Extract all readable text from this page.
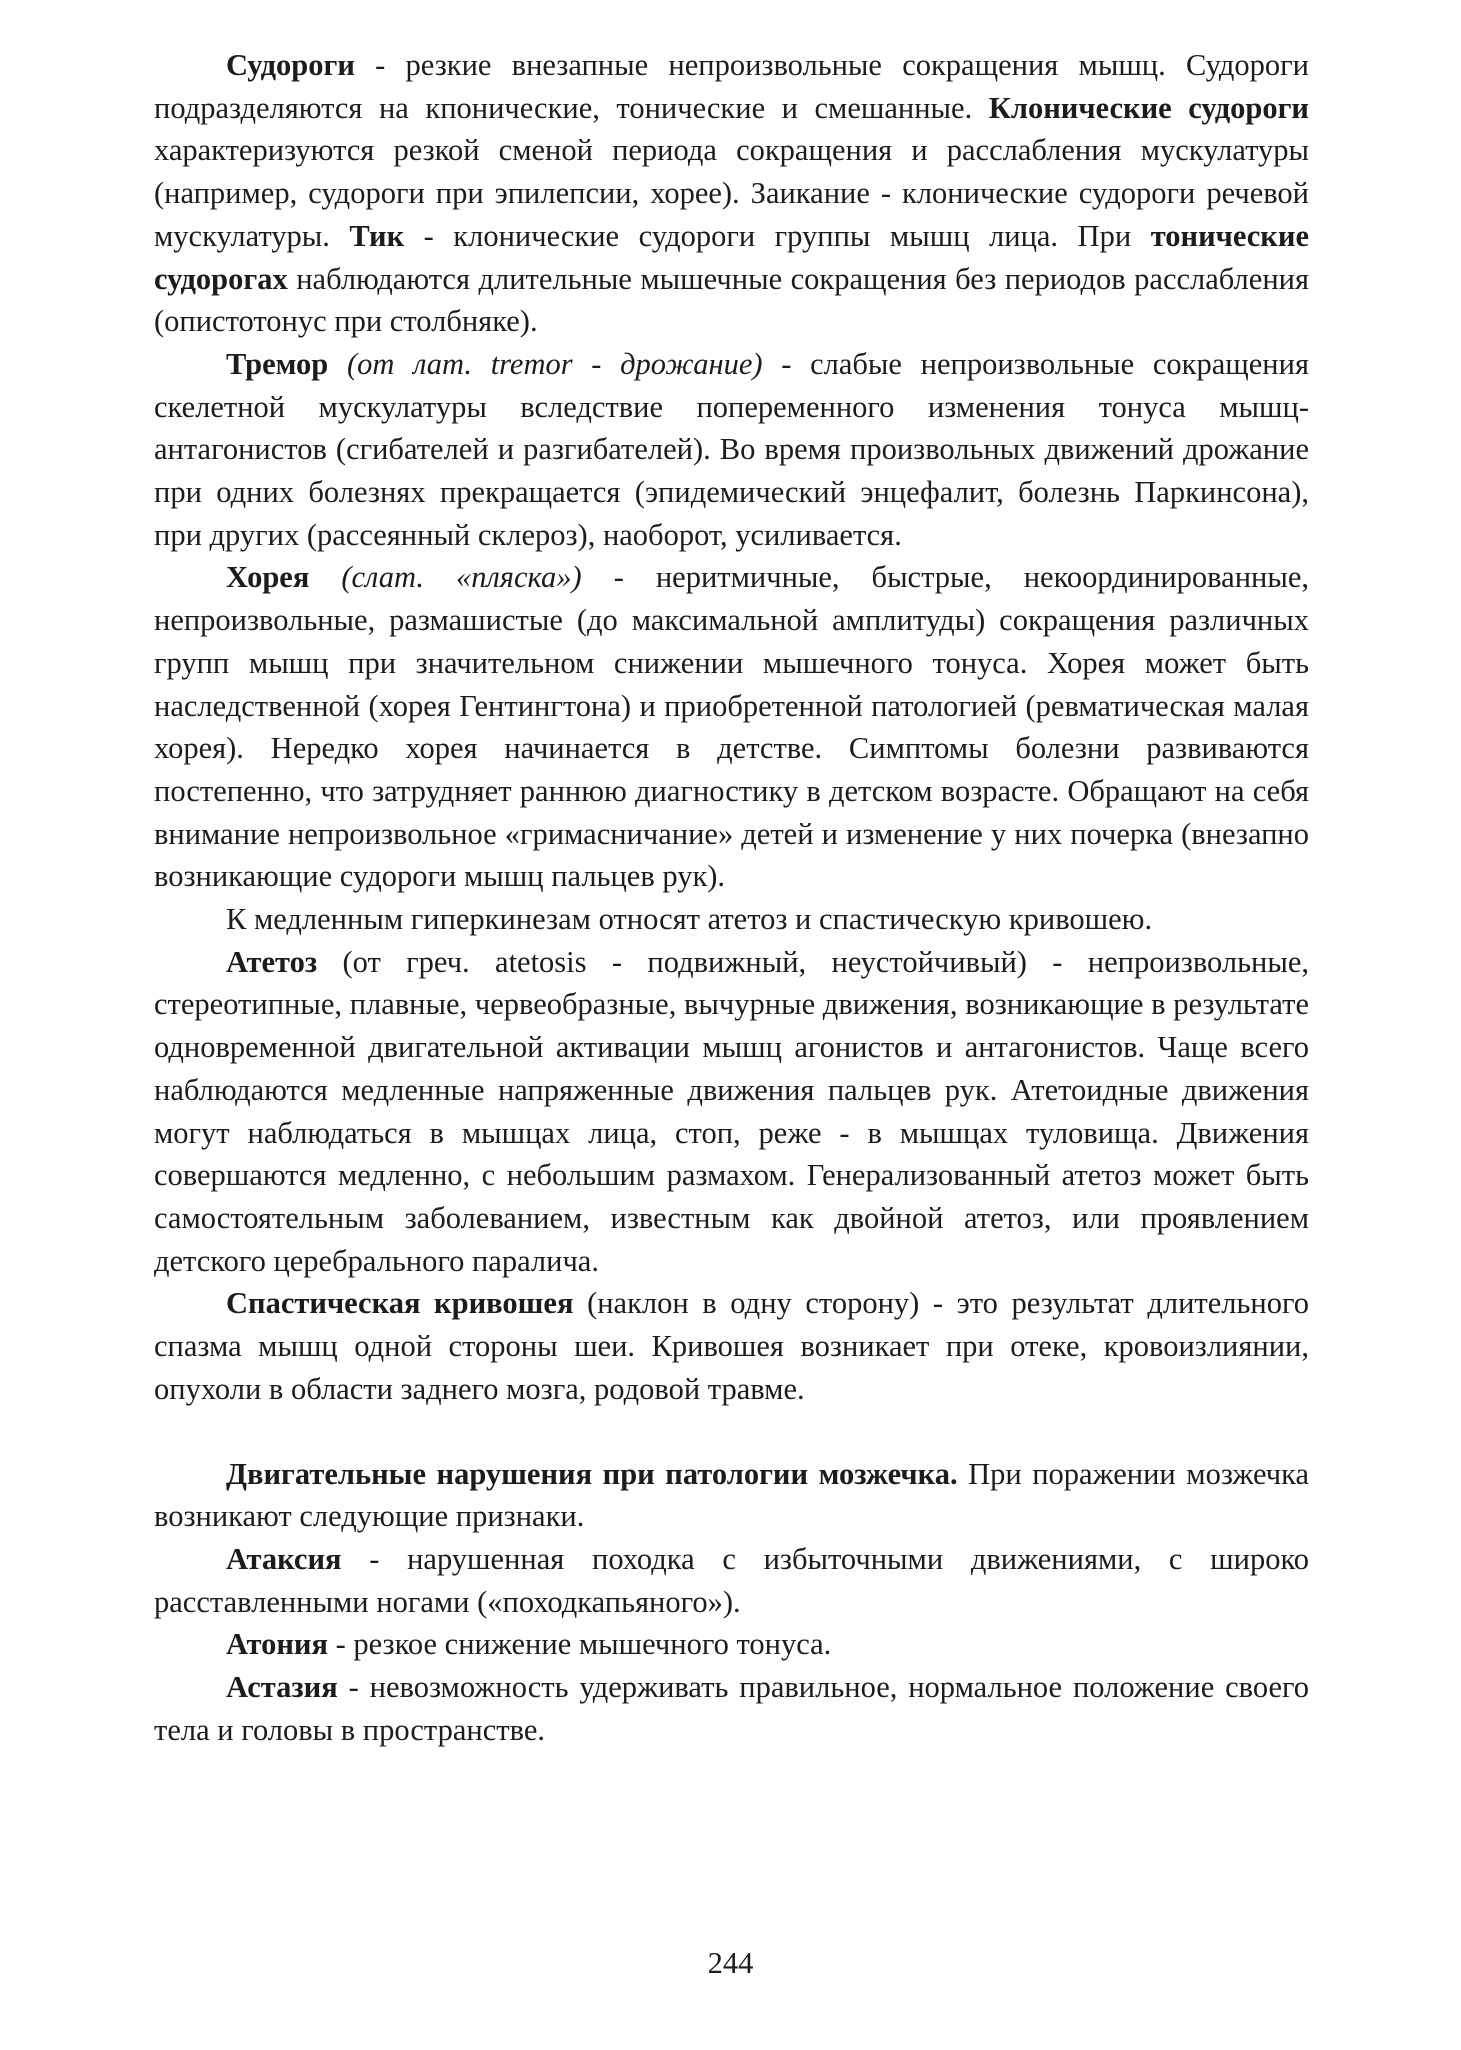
Судороги - резкие внезапные непроизвольные сокращения мышц. Судороги подразделяются на кпонические, тонические и смешанные. Клонические судороги характеризуются резкой сменой периода сокращения и расслабления мускулатуры (например, судороги при эпилепсии, хорее). Заикание - клонические судороги речевой мускулатуры. Тик - клонические судороги группы мышц лица. При тонические судорогах наблюдаются длительные мышечные сокращения без периодов расслабления (опистотонус при столбняке).

Тремор (от лат. tremor - дрожание) - слабые непроизвольные сокращения скелетной мускулатуры вследствие попеременного изменения тонуса мышц-антагонистов (сгибателей и разгибателей). Во время произвольных движений дрожание при одних болезнях прекращается (эпидемический энцефалит, болезнь Паркинсона), при других (рассеянный склероз), наоборот, усиливается.

Хорея (слат. «пляска») - неритмичные, быстрые, некоординированные, непроизвольные, размашистые (до максимальной амплитуды) сокращения различных групп мышц при значительном снижении мышечного тонуса. Хорея может быть наследственной (хорея Гентингтона) и приобретенной патологией (ревматическая малая хорея). Нередко хорея начинается в детстве. Симптомы болезни развиваются постепенно, что затрудняет раннюю диагностику в детском возрасте. Обращают на себя внимание непроизвольное «гримасничание» детей и изменение у них почерка (внезапно возникающие судороги мышц пальцев рук).

К медленным гиперкинезам относят атетоз и спастическую кривошею.

Атетоз (от греч. atetosis - подвижный, неустойчивый) - непроизвольные, стереотипные, плавные, червеобразные, вычурные движения, возникающие в результате одновременной двигательной активации мышц агонистов и антагонистов. Чаще всего наблюдаются медленные напряженные движения пальцев рук. Атетоидные движения могут наблюдаться в мышцах лица, стоп, реже - в мышцах туловища. Движения совершаются медленно, с небольшим размахом. Генерализованный атетоз может быть самостоятельным заболеванием, известным как двойной атетоз, или проявлением детского церебрального паралича.

Спастическая кривошея (наклон в одну сторону) - это результат длительного спазма мышц одной стороны шеи. Кривошея возникает при отеке, кровоизлиянии, опухоли в области заднего мозга, родовой травме.

Двигательные нарушения при патологии мозжечка. При поражении мозжечка возникают следующие признаки.

Атаксия - нарушенная походка с избыточными движениями, с широко расставленными ногами («походкапьяного»).

Атония - резкое снижение мышечного тонуса.

Астазия - невозможность удерживать правильное, нормальное положение своего тела и головы в пространстве.

244
